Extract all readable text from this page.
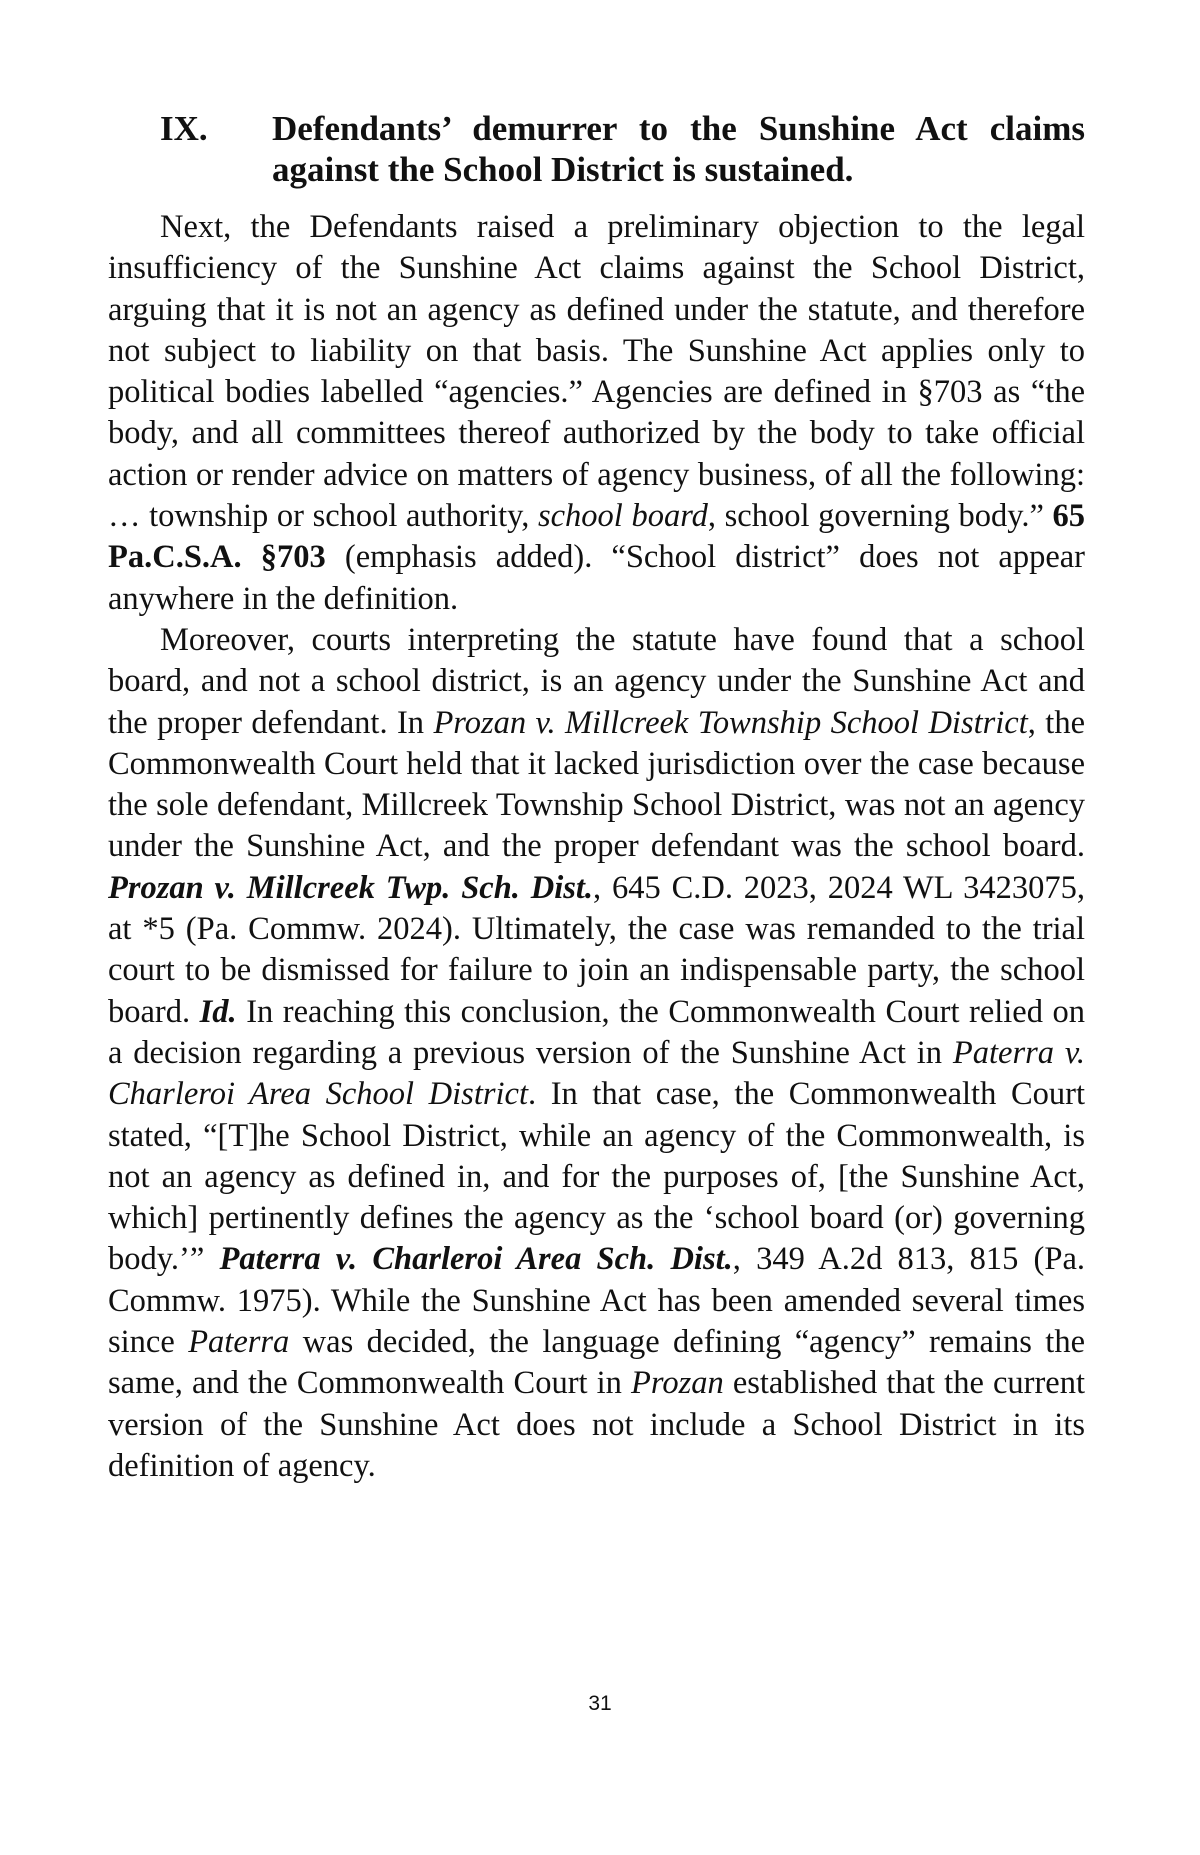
IX. Defendants’ demurrer to the Sunshine Act claims against the School District is sustained.

Next, the Defendants raised a preliminary objection to the legal insufficiency of the Sunshine Act claims against the School District, arguing that it is not an agency as defined under the statute, and therefore not subject to liability on that basis. The Sunshine Act applies only to political bodies labelled “agencies.” Agencies are defined in §703 as “the body, and all committees thereof authorized by the body to take official action or render advice on matters of agency business, of all the following: … township or school authority, school board, school governing body.” 65 Pa.C.S.A. §703 (emphasis added). “School district” does not appear anywhere in the definition.

Moreover, courts interpreting the statute have found that a school board, and not a school district, is an agency under the Sunshine Act and the proper defendant. In Prozan v. Millcreek Township School District, the Commonwealth Court held that it lacked jurisdiction over the case because the sole defendant, Millcreek Township School District, was not an agency under the Sunshine Act, and the proper defendant was the school board. Prozan v. Millcreek Twp. Sch. Dist., 645 C.D. 2023, 2024 WL 3423075, at *5 (Pa. Commw. 2024). Ultimately, the case was remanded to the trial court to be dismissed for failure to join an indispensable party, the school board. Id. In reaching this conclusion, the Commonwealth Court relied on a decision regarding a previous version of the Sunshine Act in Paterra v. Charleroi Area School District. In that case, the Commonwealth Court stated, “[T]he School District, while an agency of the Commonwealth, is not an agency as defined in, and for the purposes of, [the Sunshine Act, which] pertinently defines the agency as the ‘school board (or) governing body.’” Paterra v. Charleroi Area Sch. Dist., 349 A.2d 813, 815 (Pa. Commw. 1975). While the Sunshine Act has been amended several times since Paterra was decided, the language defining “agency” remains the same, and the Commonwealth Court in Prozan established that the current version of the Sunshine Act does not include a School District in its definition of agency.

31
